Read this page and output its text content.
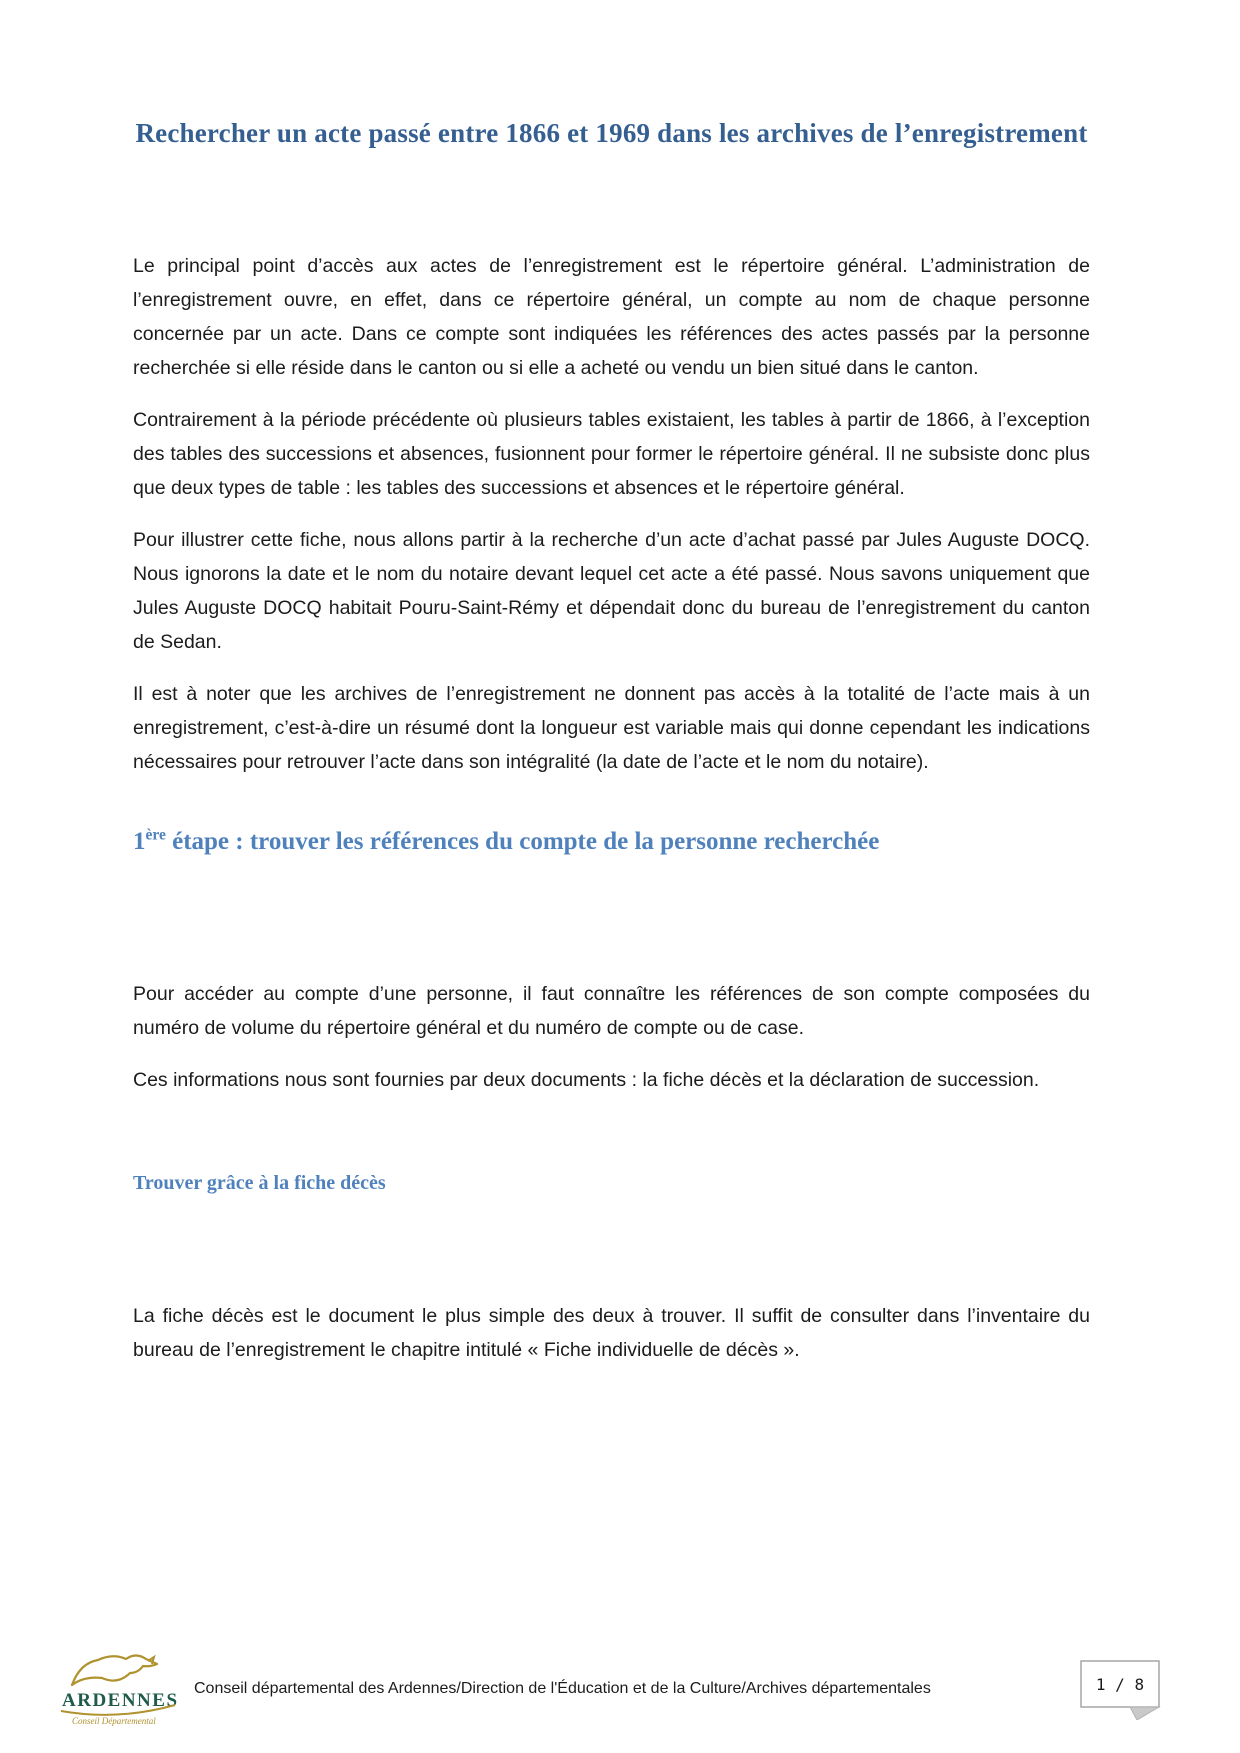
Rechercher un acte passé entre 1866 et 1969 dans les archives de l’enregistrement

Le principal point d’accès aux actes de l’enregistrement est le répertoire général. L’administration de l’enregistrement ouvre, en effet, dans ce répertoire général, un compte au nom de chaque personne concernée par un acte. Dans ce compte sont indiquées les références des actes passés par la personne recherchée si elle réside dans le canton ou si elle a acheté ou vendu un bien situé dans le canton.

Contrairement à la période précédente où plusieurs tables existaient, les tables à partir de 1866, à l’exception des tables des successions et absences, fusionnent pour former le répertoire général. Il ne subsiste donc plus que deux types de table : les tables des successions et absences et le répertoire général.

Pour illustrer cette fiche, nous allons partir à la recherche d’un acte d’achat passé par Jules Auguste DOCQ. Nous ignorons la date et le nom du notaire devant lequel cet acte a été passé. Nous savons uniquement que Jules Auguste DOCQ habitait Pouru-Saint-Rémy et dépendait donc du bureau de l’enregistrement du canton de Sedan.

Il est à noter que les archives de l’enregistrement ne donnent pas accès à la totalité de l’acte mais à un enregistrement, c’est-à-dire un résumé dont la longueur est variable mais qui donne cependant les indications nécessaires pour retrouver l’acte dans son intégralité (la date de l’acte et le nom du notaire).

1ère étape : trouver les références du compte de la personne recherchée

Pour accéder au compte d’une personne, il faut connaître les références de son compte composées du numéro de volume du répertoire général et du numéro de compte ou de case.

Ces informations nous sont fournies par deux documents : la fiche décès et la déclaration de succession.

Trouver grâce à la fiche décès

La fiche décès est le document le plus simple des deux à trouver. Il suffit de consulter dans l’inventaire du bureau de l’enregistrement le chapitre intitulé « Fiche individuelle de décès ».

ARDENNES
Conseil Départemental
Conseil départemental des Ardennes/Direction de l'Éducation et de la Culture/Archives départementales	1 / 8
